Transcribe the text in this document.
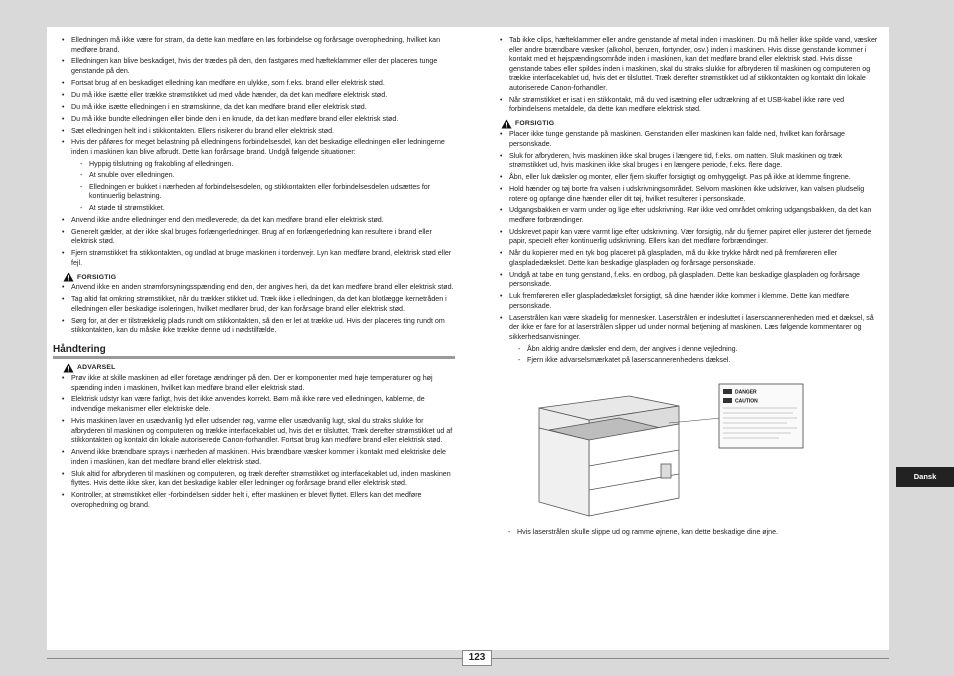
• Elledningen må ikke være for stram, da dette kan medføre en løs forbindelse og forårsage overophedning, hvilket kan medføre brand.
• Elledningen kan blive beskadiget, hvis der trædes på den, den fastgøres med hæfteklammer eller der placeres tunge genstande på den.
• Fortsat brug af en beskadiget elledning kan medføre en ulykke, som f.eks. brand eller elektrisk stød.
• Du må ikke isætte eller trække strømstikket ud med våde hænder, da det kan medføre elektrisk stød.
• Du må ikke isætte elledningen i en strømskinne, da det kan medføre brand eller elektrisk stød.
• Du må ikke bundte elledningen eller binde den i en knude, da det kan medføre brand eller elektrisk stød.
• Sæt elledningen helt ind i stikkontakten. Ellers risikerer du brand eller elektrisk stød.
• Hvis der påføres for meget belastning på elledningens forbindelsesdel, kan det beskadige elledningen eller ledningerne inden i maskinen kan blive afbrudt. Dette kan forårsage brand. Undgå følgende situationer:
- Hyppig tilslutning og frakobling af elledningen.
- At snuble over elledningen.
- Elledningen er bukket i nærheden af forbindelsesdelen, og stikkontakten eller forbindelsesdelen udsættes for kontinuerlig belastning.
- At støde til strømstikket.
• Anvend ikke andre elledninger end den medleverede, da det kan medføre brand eller elektrisk stød.
• Generelt gælder, at der ikke skal bruges forlængerledninger. Brug af en forlængerledning kan resultere i brand eller elektrisk stød.
• Fjern strømstikket fra stikkontakten, og undlad at bruge maskinen i tordenvejr. Lyn kan medføre brand, elektrisk stød eller fejl.
FORSIGTIG
• Anvend ikke en anden strømforsyningsspænding end den, der angives heri, da det kan medføre brand eller elektrisk stød.
• Tag altid fat omkring strømstikket, når du trækker stikket ud. Træk ikke i elledningen, da det kan blotlægge kernetråden i elledningen eller beskadige isoleringen, hvilket medfører brud, der kan forårsage brand eller elektrisk stød.
• Sørg for, at der er tilstrækkelig plads rundt om stikkontakten, så den er let at trække ud. Hvis der placeres ting rundt om stikkontakten, kan du måske ikke trække denne ud i nødstilfælde.
Håndtering
ADVARSEL
• Prøv ikke at skille maskinen ad eller foretage ændringer på den. Der er komponenter med høje temperaturer og høj spænding inden i maskinen, hvilket kan medføre brand eller elektrisk stød.
• Elektrisk udstyr kan være farligt, hvis det ikke anvendes korrekt. Børn må ikke røre ved elledningen, kablerne, de indvendige mekanismer eller elektriske dele.
• Hvis maskinen laver en usædvanlig lyd eller udsender røg, varme eller usædvanlig lugt, skal du straks slukke for afbryderen til maskinen og computeren og trække interfacekablet ud, hvis det er tilsluttet. Træk derefter strømstikket ud af stikkontakten og kontakt din lokale autoriserede Canon-forhandler. Fortsat brug kan medføre brand eller elektrisk stød.
• Anvend ikke brændbare sprays i nærheden af maskinen. Hvis brændbare væsker kommer i kontakt med elektriske dele inden i maskinen, kan det medføre brand eller elektrisk stød.
• Sluk altid for afbryderen til maskinen og computeren, og træk derefter strømstikket og interfacekablet ud, inden maskinen flyttes. Hvis dette ikke sker, kan det beskadige kabler eller ledninger og forårsage brand eller elektrisk stød.
• Kontroller, at strømstikket eller -forbindelsen sidder helt i, efter maskinen er blevet flyttet. Ellers kan det medføre overophedning og brand.
• Tab ikke clips, hæfteklammer eller andre genstande af metal inden i maskinen. Du må heller ikke spilde vand, væsker eller andre brændbare væsker (alkohol, benzen, fortynder, osv.) inden i maskinen. Hvis disse genstande kommer i kontakt med et højspændingsområde inden i maskinen, kan det medføre brand eller elektrisk stød. Hvis disse genstande tabes eller spildes inden i maskinen, skal du straks slukke for afbryderen til maskinen og computeren og trække interfacekablet ud, hvis det er tilsluttet. Træk derefter strømstikket ud af stikkontakten og kontakt din lokale autoriserede Canon-forhandler.
• Når strømstikket er isat i en stikkontakt, må du ved isætning eller udtrækning af et USB-kabel ikke røre ved forbindelsens metaldele, da dette kan medføre elektrisk stød.
FORSIGTIG
• Placer ikke tunge genstande på maskinen. Genstanden eller maskinen kan falde ned, hvilket kan forårsage personskade.
• Sluk for afbryderen, hvis maskinen ikke skal bruges i længere tid, f.eks. om natten. Sluk maskinen og træk strømstikket ud, hvis maskinen ikke skal bruges i en længere periode, f.eks. flere dage.
• Åbn, eller luk dæksler og monter, eller fjern skuffer forsigtigt og omhyggeligt. Pas på ikke at klemme fingrene.
• Hold hænder og tøj borte fra valsen i udskrivningsområdet. Selvom maskinen ikke udskriver, kan valsen pludselig rotere og opfange dine hænder eller dit tøj, hvilket resulterer i personskade.
• Udgangsbakken er varm under og lige efter udskrivning. Rør ikke ved området omkring udgangsbakken, da det kan medføre forbrændinger.
• Udskrevet papir kan være varmt lige efter udskrivning. Vær forsigtig, når du fjerner papiret eller justerer det fjernede papir, specielt efter kontinuerlig udskrivning. Ellers kan det medføre forbrændinger.
• Når du kopierer med en tyk bog placeret på glaspladen, må du ikke trykke hårdt ned på fremføreren eller glaspladedækslet. Dette kan beskadige glaspladen og forårsage personskade.
• Undgå at tabe en tung genstand, f.eks. en ordbog, på glaspladen. Dette kan beskadige glaspladen og forårsage personskade.
• Luk fremføreren eller glaspladedækslet forsigtigt, så dine hænder ikke kommer i klemme. Dette kan medføre personskade.
• Laserstrålen kan være skadelig for mennesker. Laserstrålen er indesluttet i laserscannerenheden med et dæksel, så der ikke er fare for at laserstrålen slipper ud under normal betjening af maskinen. Læs følgende kommentarer og sikkerhedsanvisninger.
- Åbn aldrig andre dæksler end dem, der angives i denne vejledning.
- Fjern ikke advarselsmærkatet på laserscannerenhedens dæksel.
DANGER
CAUTION
- Hvis laserstrålen skulle slippe ud og ramme øjnene, kan dette beskadige dine øjne.
123
Dansk
